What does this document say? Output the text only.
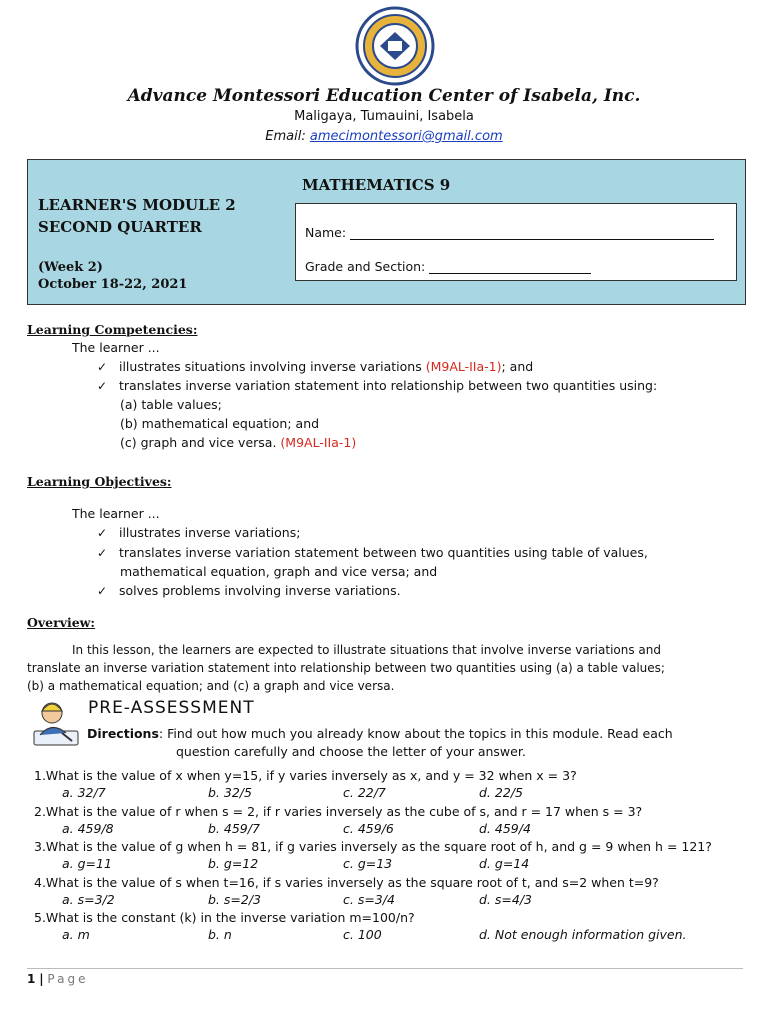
Advance Montessori Education Center of Isabela, Inc.
Maligaya, Tumauini, Isabela
Email: amecimontessori@gmail.com
LEARNER'S MODULE 2
SECOND QUARTER
(Week 2)
October 18-22, 2021
MATHEMATICS 9
Name:
Grade and Section:
Learning Competencies:
The learner ...
✓ illustrates situations involving inverse variations (M9AL-IIa-1); and
✓ translates inverse variation statement into relationship between two quantities using:
(a) table values;
(b) mathematical equation; and
(c) graph and vice versa. (M9AL-IIa-1)
Learning Objectives:
The learner ...
✓ illustrates inverse variations;
✓ translates inverse variation statement between two quantities using table of values,
mathematical equation, graph and vice versa; and
✓ solves problems involving inverse variations.
Overview:
In this lesson, the learners are expected to illustrate situations that involve inverse variations and
translate an inverse variation statement into relationship between two quantities using (a) a table values;
(b) a mathematical equation; and (c) a graph and vice versa.
PRE-ASSESSMENT
Directions: Find out how much you already know about the topics in this module. Read each
question carefully and choose the letter of your answer.
1.What is the value of x when y=15, if y varies inversely as x, and y = 32 when x = 3?
a. 32/7	b. 32/5	c. 22/7	d. 22/5
2.What is the value of r when s = 2, if r varies inversely as the cube of s, and r = 17 when s = 3?
a. 459/8	b. 459/7	c. 459/6	d. 459/4
3.What is the value of g when h = 81, if g varies inversely as the square root of h, and g = 9 when h = 121?
a. g=11	b. g=12	c. g=13	d. g=14
4.What is the value of s when t=16, if s varies inversely as the square root of t, and s=2 when t=9?
a. s=3/2	b. s=2/3	c. s=3/4	d. s=4/3
5.What is the constant (k) in the inverse variation m=100/n?
a. m	b. n	c. 100	d. Not enough information given.
1 | Page
